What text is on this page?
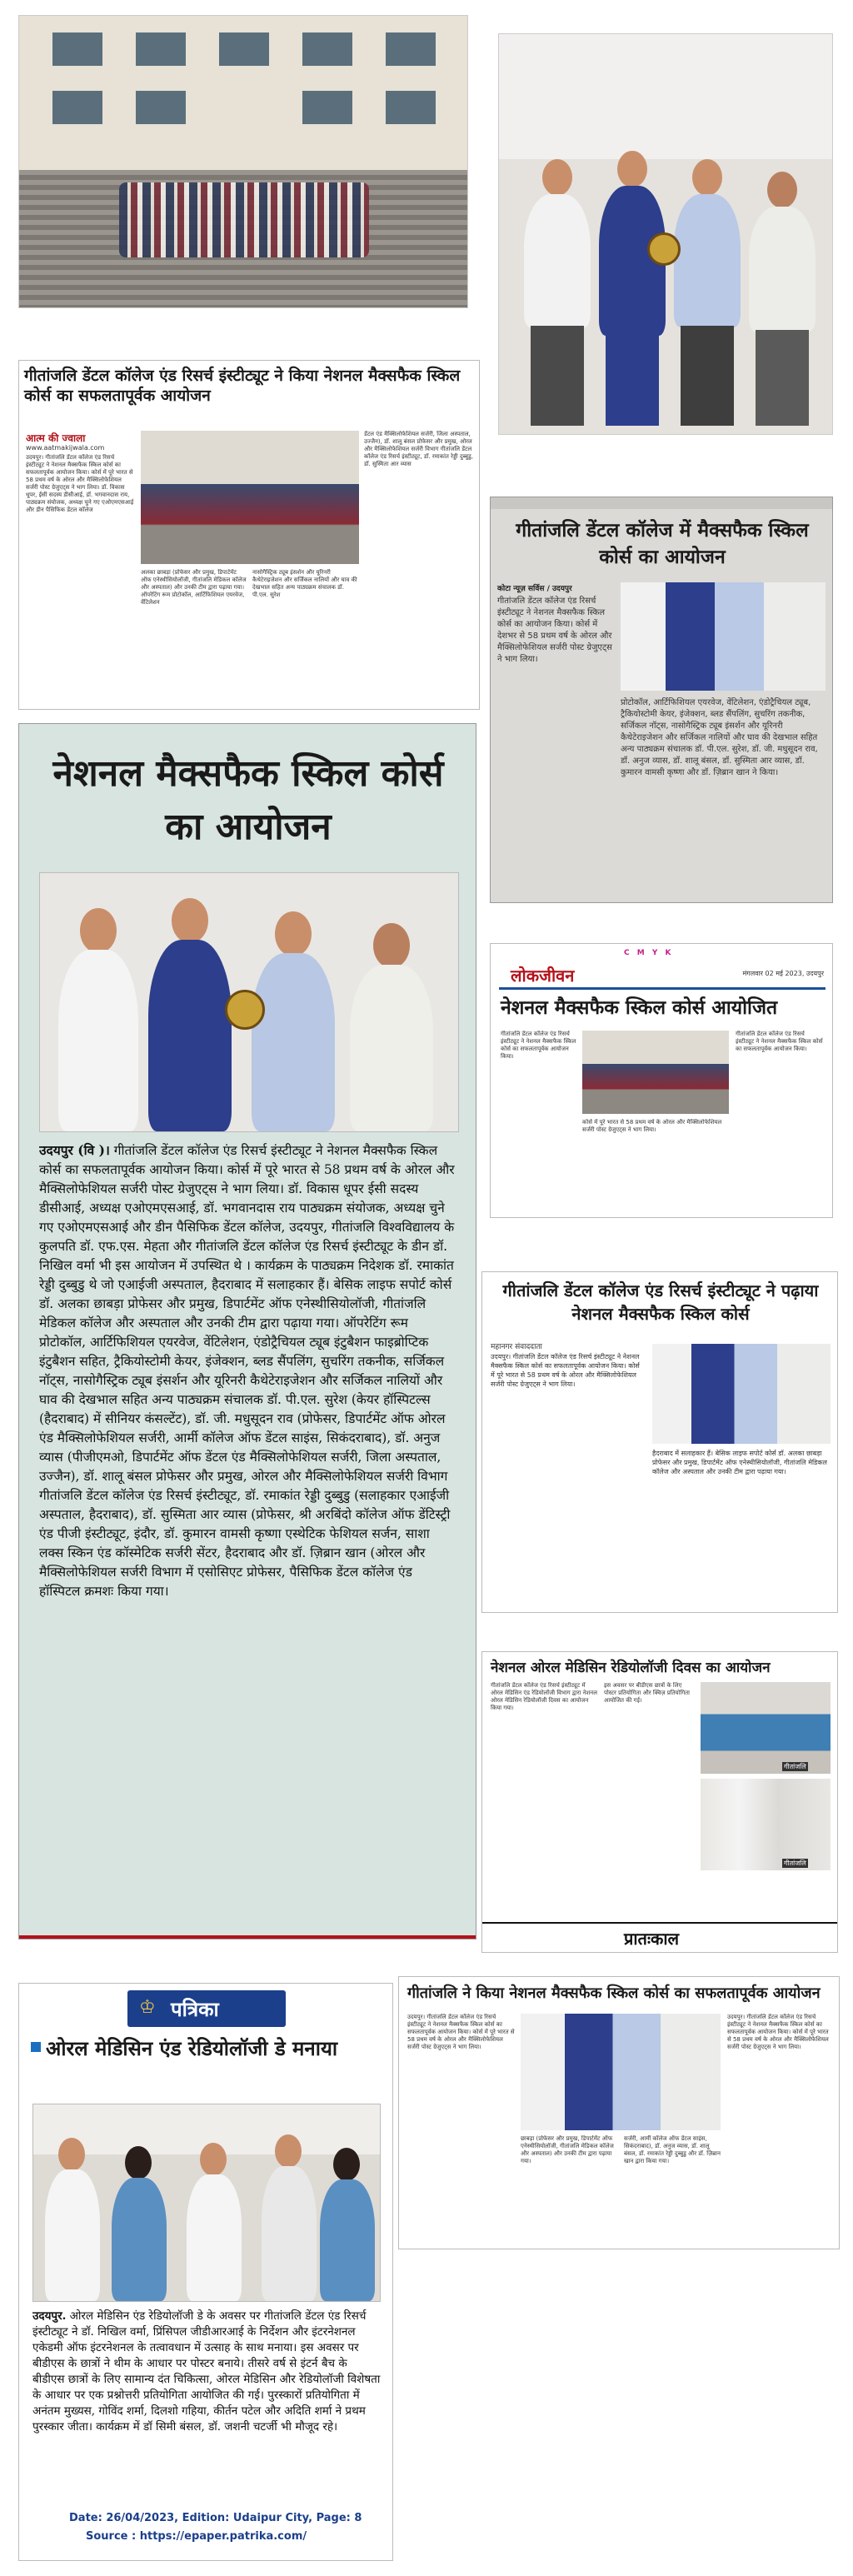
गीतांजलि डेंटल कॉलेज एंड रिसर्च इंस्टीट्यूट ने किया नेशनल मैक्सफैक स्किल कोर्स का सफलतापूर्वक आयोजन
आत्म की ज्वाला
www.aatmakijwala.com
उदयपुर। गीतांजलि डेंटल कॉलेज एंड रिसर्च इंस्टीट्यूट ने नेशनल मैक्सफैक स्किल कोर्स का सफलतापूर्वक आयोजन किया। कोर्स में पूरे भारत से 58 प्रथम वर्ष के ओरल और मैक्सिलोफेशियल सर्जरी पोस्ट ग्रेजुएट्स ने भाग लिया। डॉ. विकास धूपर, ईसी सदस्य डीसीआई, डॉ. भगवानदास राय, पाठ्यक्रम संयोजक, अध्यक्ष चुने गए एओएमएसआई और डीन पैसिफिक डेंटल कॉलेज
अलका छाबड़ा (प्रोफेसर और प्रमुख, डिपार्टमेंट ऑफ एनेस्थीसियोलॉजी, गीतांजलि मेडिकल कॉलेज और अस्पताल) और उनकी टीम द्वारा पढ़ाया गया। ऑपरेटिंग रूम प्रोटोकॉल, आर्टिफिशियल एयरवेज, वेंटिलेशन
नासोगैस्ट्रिक ट्यूब इंसर्शन और यूरिनरी कैथेटेराइजेशन और सर्जिकल नालियों और घाव की देखभाल सहित अन्य पाठ्यक्रम संचालक डॉ. पी.एल. सुरेश
डेंटल एंड मैक्सिलोफेशियल सर्जरी, जिला अस्पताल, उज्जैन), डॉ. शालू बंसल प्रोफेसर और प्रमुख, ओरल और मैक्सिलोफेशियल सर्जरी विभाग गीतांजलि डेंटल कॉलेज एंड रिसर्च इंस्टीट्यूट, डॉ. रमाकांत रेड्डी दुब्बुडु, डॉ. सुस्मिता आर व्यास
गीतांजलि डेंटल कॉलेज में मैक्सफैक स्किल कोर्स का आयोजन
कोटा न्यूज़ सर्विस / उदयपुर
गीतांजलि डेंटल कॉलेज एंड रिसर्च इंस्टीट्यूट ने नेशनल मैक्सफैक स्किल कोर्स का आयोजन किया। कोर्स में देशभर से 58 प्रथम वर्ष के ओरल और मैक्सिलोफेशियल सर्जरी पोस्ट ग्रेजुएट्स ने भाग लिया।
प्रोटोकॉल, आर्टिफिशियल एयरवेज, वेंटिलेशन, एंडोट्रैचियल ट्यूब, ट्रैकियोस्टोमी केयर, इंजेक्शन, ब्लड सैंपलिंग, सुचरिंग तकनीक, सर्जिकल नॉट्स, नासोगैस्ट्रिक ट्यूब इंसर्शन और यूरिनरी कैथेटेराइजेशन और सर्जिकल नालियों और घाव की देखभाल सहित अन्य पाठ्यक्रम संचालक डॉ. पी.एल. सुरेश, डॉ. जी. मधुसूदन राव, डॉ. अनुज व्यास, डॉ. शालू बंसल, डॉ. सुस्मिता आर व्यास, डॉ. कुमारन वामसी कृष्णा और डॉ. ज़िब्रान खान ने किया।
नेशनल मैक्सफैक स्किल कोर्स का आयोजन
उदयपुर (वि )। गीतांजलि डेंटल कॉलेज एंड रिसर्च इंस्टीट्यूट ने नेशनल मैक्सफैक स्किल कोर्स का सफलतापूर्वक आयोजन किया। कोर्स में पूरे भारत से 58 प्रथम वर्ष के ओरल और मैक्सिलोफेशियल सर्जरी पोस्ट ग्रेजुएट्स ने भाग लिया। डॉ. विकास धूपर ईसी सदस्य डीसीआई, अध्यक्ष एओएमएसआई, डॉ. भगवानदास राय पाठ्यक्रम संयोजक, अध्यक्ष चुने गए एओएमएसआई और डीन पैसिफिक डेंटल कॉलेज, उदयपुर, गीतांजलि विश्वविद्यालय के कुलपति डॉ. एफ.एस. मेहता और गीतांजलि डेंटल कॉलेज एंड रिसर्च इंस्टीट्यूट के डीन डॉ. निखिल वर्मा भी इस आयोजन में उपस्थित थे । कार्यक्रम के पाठ्यक्रम निदेशक डॉ. रमाकांत रेड्डी दुब्बुडु थे जो एआईजी अस्पताल, हैदराबाद में सलाहकार हैं। बेसिक लाइफ सपोर्ट कोर्स डॉ. अलका छाबड़ा प्रोफेसर और प्रमुख, डिपार्टमेंट ऑफ एनेस्थीसियोलॉजी, गीतांजलि मेडिकल कॉलेज और अस्पताल और उनकी टीम द्वारा पढ़ाया गया। ऑपरेटिंग रूम प्रोटोकॉल, आर्टिफिशियल एयरवेज, वेंटिलेशन, एंडोट्रैचियल ट्यूब इंटुबैशन फाइब्रोप्टिक इंटुबैशन सहित, ट्रैकियोस्टोमी केयर, इंजेक्शन, ब्लड सैंपलिंग, सुचरिंग तकनीक, सर्जिकल नॉट्स, नासोगैस्ट्रिक ट्यूब इंसर्शन और यूरिनरी कैथेटेराइजेशन और सर्जिकल नालियों और घाव की देखभाल सहित अन्य पाठ्यक्रम संचालक डॉ. पी.एल. सुरेश (केयर हॉस्पिटल्स (हैदराबाद) में सीनियर कंसल्टेंट), डॉ. जी. मधुसूदन राव (प्रोफेसर, डिपार्टमेंट ऑफ ओरल एंड मैक्सिलोफेशियल सर्जरी, आर्मी कॉलेज ऑफ डेंटल साइंस, सिकंदराबाद), डॉ. अनुज व्यास (पीजीएमओ, डिपार्टमेंट ऑफ डेंटल एंड मैक्सिलोफेशियल सर्जरी, जिला अस्पताल, उज्जैन), डॉ. शालू बंसल प्रोफेसर और प्रमुख, ओरल और मैक्सिलोफेशियल सर्जरी विभाग गीतांजलि डेंटल कॉलेज एंड रिसर्च इंस्टीट्यूट, डॉ. रमाकांत रेड्डी दुब्बुडु (सलाहकार एआईजी अस्पताल, हैदराबाद), डॉ. सुस्मिता आर व्यास (प्रोफेसर, श्री अरबिंदो कॉलेज ऑफ डेंटिस्ट्री एंड पीजी इंस्टीट्यूट, इंदौर, डॉ. कुमारन वामसी कृष्णा एस्थेटिक फेशियल सर्जन, साशा लक्स स्किन एंड कॉस्मेटिक सर्जरी सेंटर, हैदराबाद और डॉ. ज़िब्रान खान (ओरल और मैक्सिलोफेशियल सर्जरी विभाग में एसोसिएट प्रोफेसर, पैसिफिक डेंटल कॉलेज एंड हॉस्पिटल क्रमशः किया गया।
C M Y K
लोकजीवन	मंगलवार 02 मई 2023, उदयपुर
नेशनल मैक्सफैक स्किल कोर्स आयोजित
गीतांजलि डेंटल कॉलेज एंड रिसर्च इंस्टीट्यूट ने नेशनल मैक्सफैक स्किल कोर्स का सफलतापूर्वक आयोजन किया।
कोर्स में पूरे भारत से 58 प्रथम वर्ष के ओरल और मैक्सिलोफेशियल सर्जरी पोस्ट ग्रेजुएट्स ने भाग लिया।
गीतांजलि डेंटल कॉलेज एंड रिसर्च इंस्टीट्यूट ने नेशनल मैक्सफैक स्किल कोर्स का सफलतापूर्वक आयोजन किया।
गीतांजलि डेंटल कॉलेज एंड रिसर्च इंस्टीट्यूट ने पढ़ाया नेशनल मैक्सफैक स्किल कोर्स
महानगर संवाददाता
उदयपुर। गीतांजलि डेंटल कॉलेज एंड रिसर्च इंस्टीट्यूट ने नेशनल मैक्सफैक स्किल कोर्स का सफलतापूर्वक आयोजन किया। कोर्स में पूरे भारत से 58 प्रथम वर्ष के ओरल और मैक्सिलोफेशियल सर्जरी पोस्ट ग्रेजुएट्स ने भाग लिया।
हैदराबाद में सलाहकार हैं। बेसिक लाइफ सपोर्ट कोर्स डॉ. अलका छाबड़ा प्रोफेसर और प्रमुख, डिपार्टमेंट ऑफ एनेस्थीसियोलॉजी, गीतांजलि मेडिकल कॉलेज और अस्पताल और उनकी टीम द्वारा पढ़ाया गया।
नेशनल ओरल मेडिसिन रेडियोलॉजी दिवस का आयोजन
गीतांजलि डेंटल कॉलेज एंड रिसर्च इंस्टीट्यूट में ओरल मेडिसिन एंड रेडियोलॉजी विभाग द्वारा नेशनल ओरल मेडिसिन रेडियोलॉजी दिवस का आयोजन किया गया।
इस अवसर पर बीडीएस छात्रों के लिए पोस्टर प्रतियोगिता और क्विज़ प्रतियोगिता आयोजित की गई।
गीतांजलि
गीतांजलि
प्रातःकाल
♔ पत्रिका
ओरल मेडिसिन एंड रेडियोलॉजी डे मनाया
उदयपुर. ओरल मेडिसिन एंड रेडियोलॉजी डे के अवसर पर गीतांजलि डेंटल एंड रिसर्च इंस्टीट्यूट ने डॉ. निखिल वर्मा, प्रिंसिपल जीडीआरआई के निर्देशन और इंटरनेशनल एकेडमी ऑफ इंटरनेशनल के तत्वावधान में उत्साह के साथ मनाया। इस अवसर पर बीडीएस के छात्रों ने थीम के आधार पर पोस्टर बनाये। तीसरे वर्ष से इंटर्न बैच के बीडीएस छात्रों के लिए सामान्य दंत चिकित्सा, ओरल मेडिसिन और रेडियोलॉजी विशेषता के आधार पर एक प्रश्नोत्तरी प्रतियोगिता आयोजित की गई। पुरस्कारों प्रतियोगिता में अनंतम मुख्यस, गोविंद शर्मा, दिलशो गहिया, कीर्तन पटेल और अदिति शर्मा ने प्रथम पुरस्कार जीता। कार्यक्रम में डॉ सिमी बंसल, डॉ. जशनी चटर्जी भी मौजूद रहे।
Date: 26/04/2023, Edition: Udaipur City, Page: 8
Source : https://epaper.patrika.com/
गीतांजलि ने किया नेशनल मैक्सफैक स्किल कोर्स का सफलतापूर्वक आयोजन
उदयपुर। गीतांजलि डेंटल कॉलेज एंड रिसर्च इंस्टीट्यूट ने नेशनल मैक्सफैक स्किल कोर्स का सफलतापूर्वक आयोजन किया। कोर्स में पूरे भारत से 58 प्रथम वर्ष के ओरल और मैक्सिलोफेशियल सर्जरी पोस्ट ग्रेजुएट्स ने भाग लिया।
छाबड़ा (प्रोफेसर और प्रमुख, डिपार्टमेंट ऑफ एनेस्थीसियोलॉजी, गीतांजलि मेडिकल कॉलेज और अस्पताल) और उनकी टीम द्वारा पढ़ाया गया।
सर्जरी, आर्मी कॉलेज ऑफ डेंटल साइंस, सिकंदराबाद), डॉ. अनुज व्यास, डॉ. शालू बंसल, डॉ. रमाकांत रेड्डी दुब्बुडु और डॉ. ज़िब्रान खान द्वारा किया गया।
उदयपुर। गीतांजलि डेंटल कॉलेज एंड रिसर्च इंस्टीट्यूट ने नेशनल मैक्सफैक स्किल कोर्स का सफलतापूर्वक आयोजन किया। कोर्स में पूरे भारत से 58 प्रथम वर्ष के ओरल और मैक्सिलोफेशियल सर्जरी पोस्ट ग्रेजुएट्स ने भाग लिया।
